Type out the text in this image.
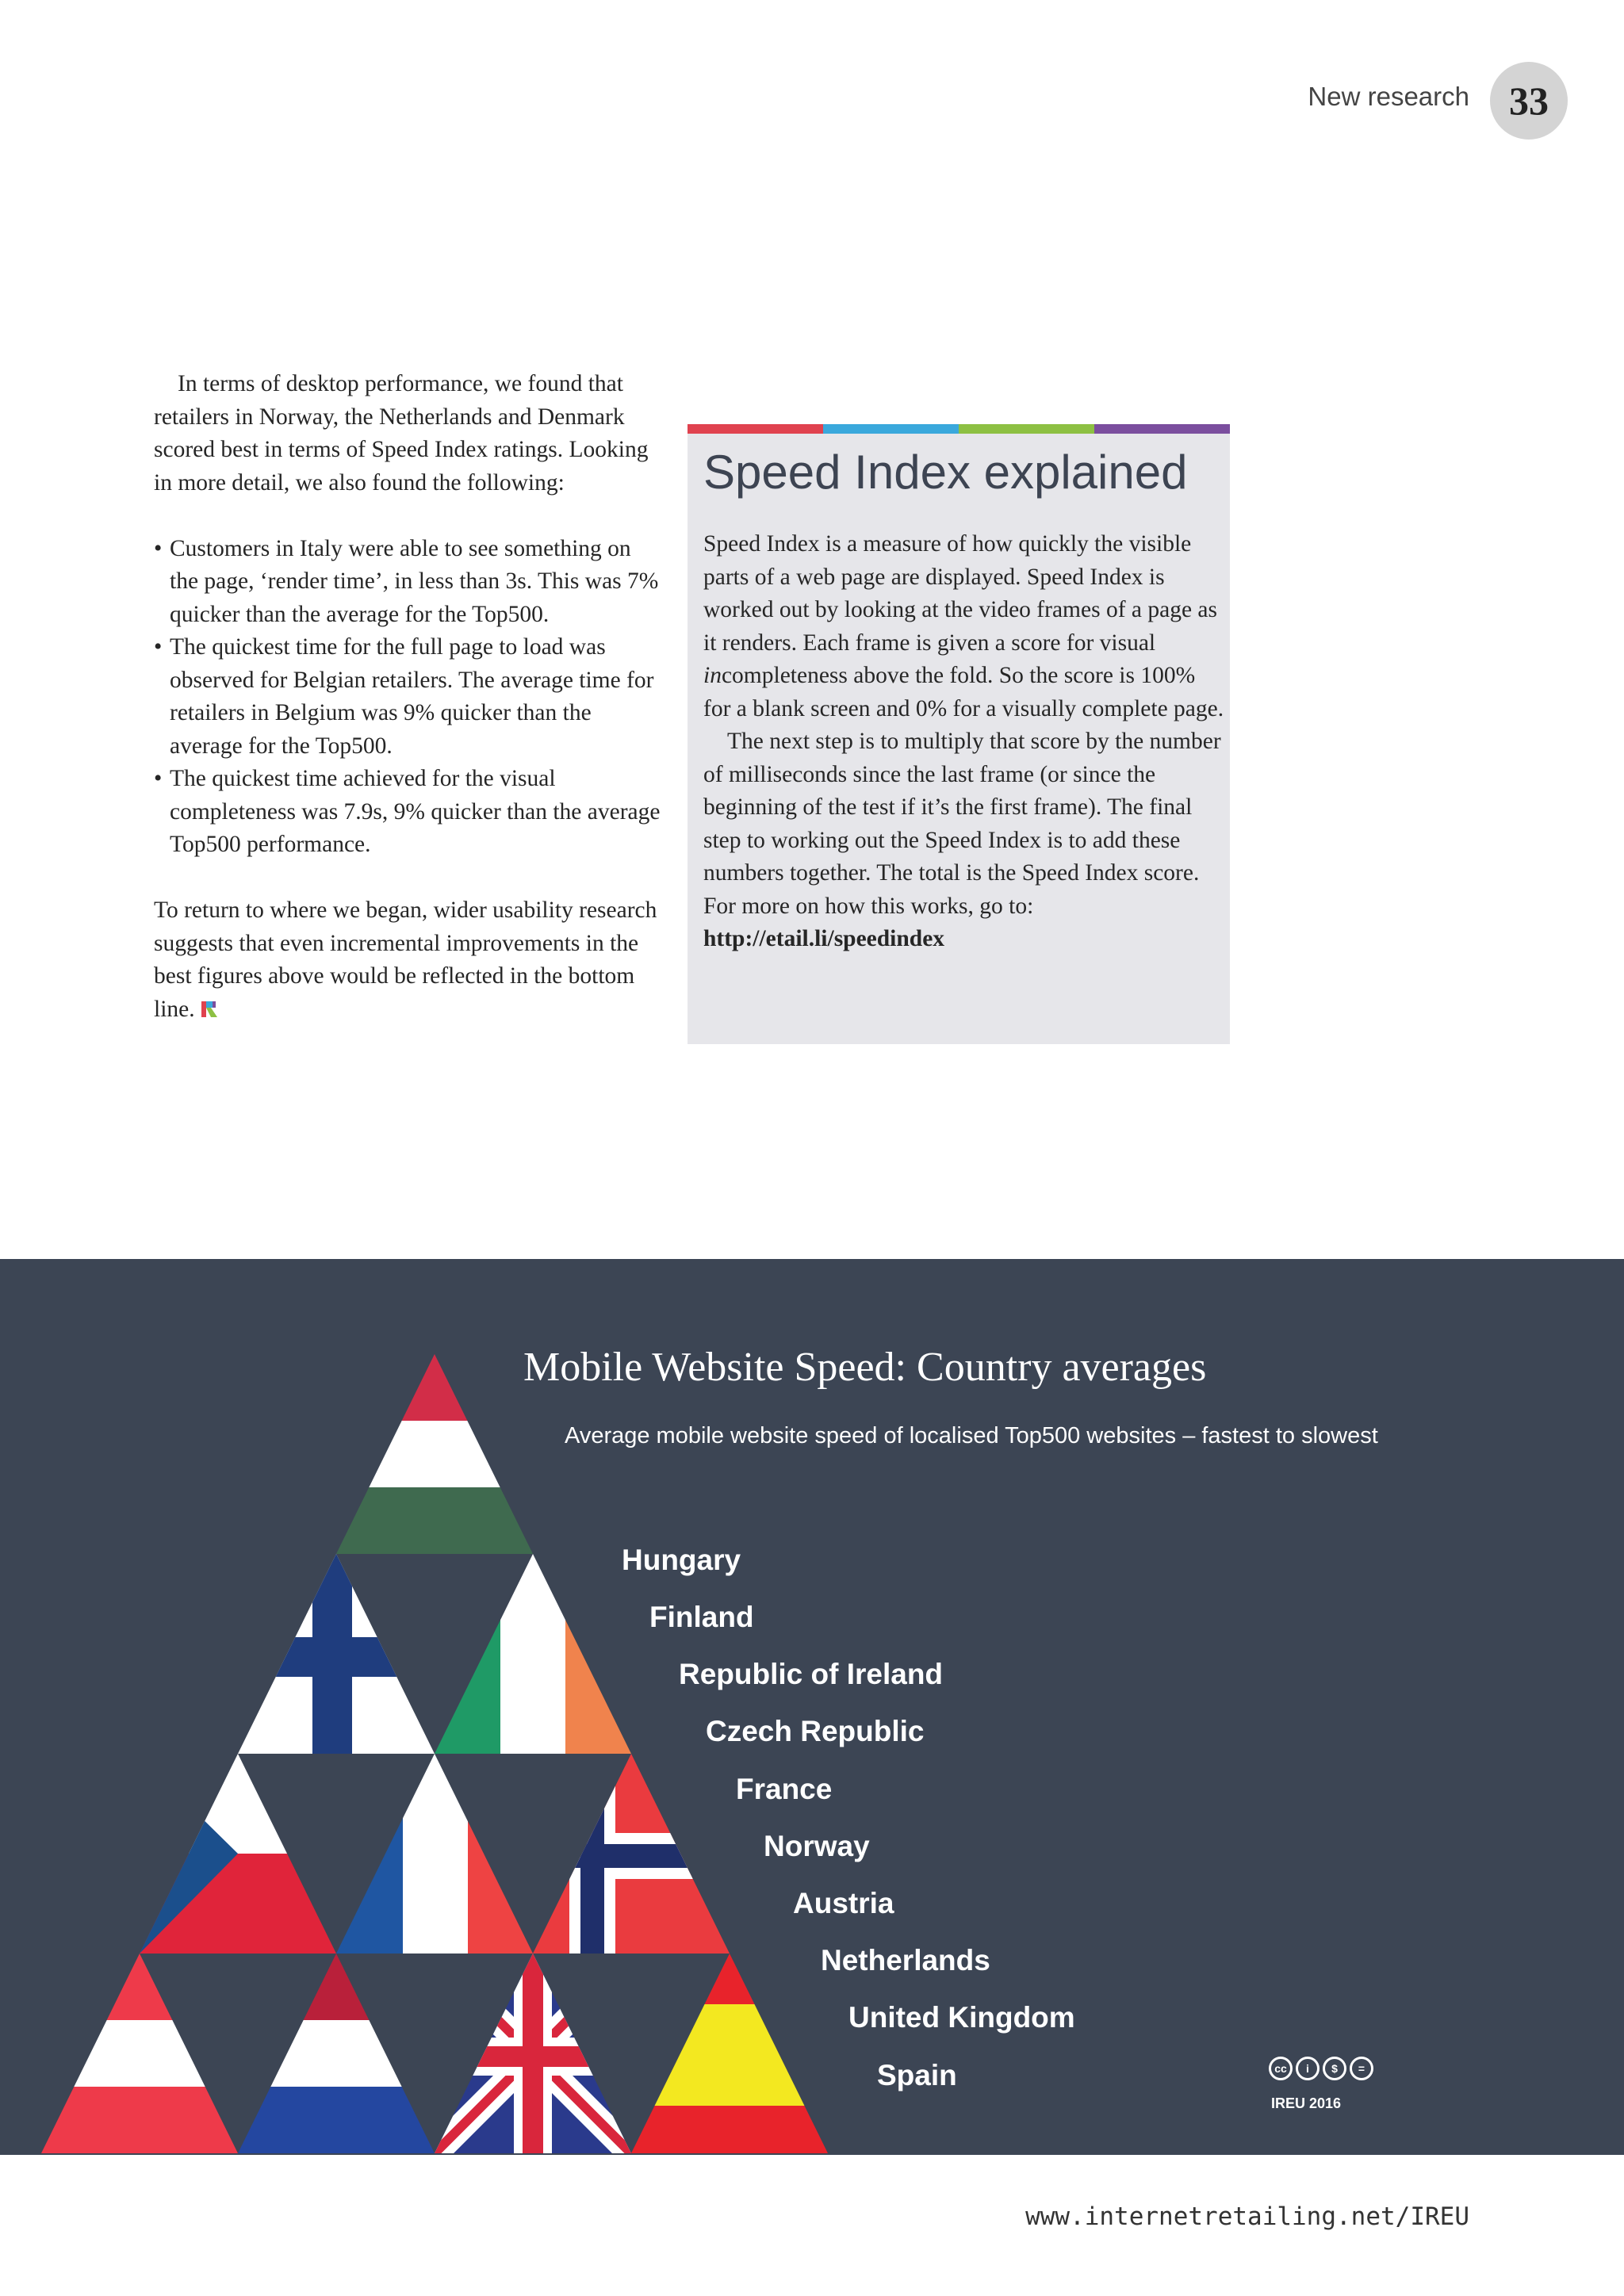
New research	33

In terms of desktop performance, we found that retailers in Norway, the Netherlands and Denmark scored best in terms of Speed Index ratings. Looking in more detail, we also found the following:

• Customers in Italy were able to see something on the page, ‘render time’, in less than 3s. This was 7% quicker than the average for the Top500.

• The quickest time for the full page to load was observed for Belgian retailers. The average time for retailers in Belgium was 9% quicker than the average for the Top500.

• The quickest time achieved for the visual completeness was 7.9s, 9% quicker than the average Top500 performance.

To return to where we began, wider usability research suggests that even incremental improvements in the best figures above would be reflected in the bottom line.

Speed Index explained

Speed Index is a measure of how quickly the visible parts of a web page are displayed. Speed Index is worked out by looking at the video frames of a page as it renders. Each frame is given a score for visual incompleteness above the fold. So the score is 100% for a blank screen and 0% for a visually complete page.

The next step is to multiply that score by the number of milliseconds since the last frame (or since the beginning of the test if it’s the first frame). The final step to working out the Speed Index is to add these numbers together. The total is the Speed Index score. For more on how this works, go to:

http://etail.li/speedindex

Mobile Website Speed: Country averages
Average mobile website speed of localised Top500 websites – fastest to slowest
Hungary
Finland
Republic of Ireland
Czech Republic
France
Norway
Austria
Netherlands
United Kingdom
Spain	cc	i	$	=
IREU 2016
www.internetretailing.net/IREU
